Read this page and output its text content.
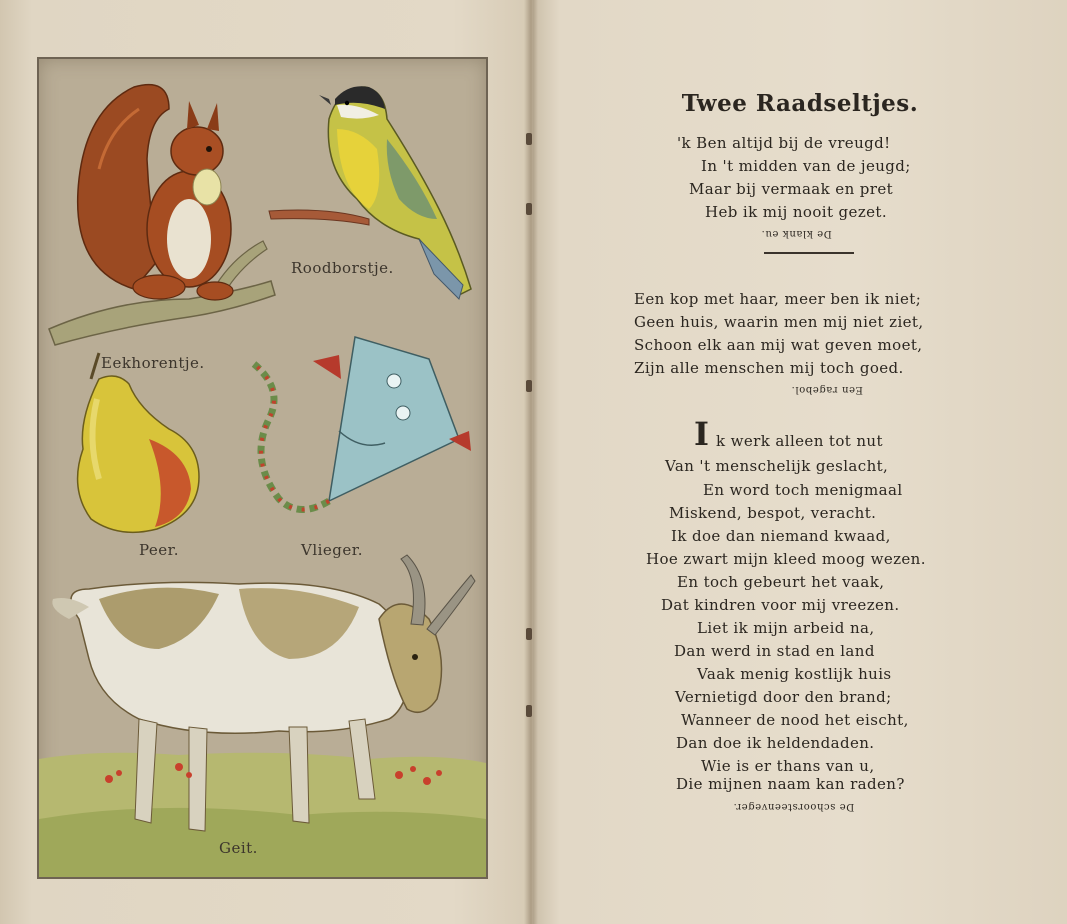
Roodborstje.
Eekhorentje.
Peer.	Vlieger.
Geit.
Twee Raadseltjes.
'k Ben altijd bij de vreugd!
In 't midden van de jeugd;
Maar bij vermaak en pret
Heb ik mij nooit gezet.
De klank eu.
Een kop met haar, meer ben ik niet;
Geen huis, waarin men mij niet ziet,
Schoon elk aan mij wat geven moet,
Zijn alle menschen mij toch goed.
Een ragebol.
I k werk alleen tot nut
Van 't menschelijk geslacht,
En word toch menigmaal
Miskend, bespot, veracht.
Ik doe dan niemand kwaad,
Hoe zwart mijn kleed moog wezen.
En toch gebeurt het vaak,
Dat kindren voor mij vreezen.
Liet ik mijn arbeid na,
Dan werd in stad en land
Vaak menig kostlijk huis
Vernietigd door den brand;
Wanneer de nood het eischt,
Dan doe ik heldendaden.
Wie is er thans van u,
Die mijnen naam kan raden?
De schoorsteenveger.
